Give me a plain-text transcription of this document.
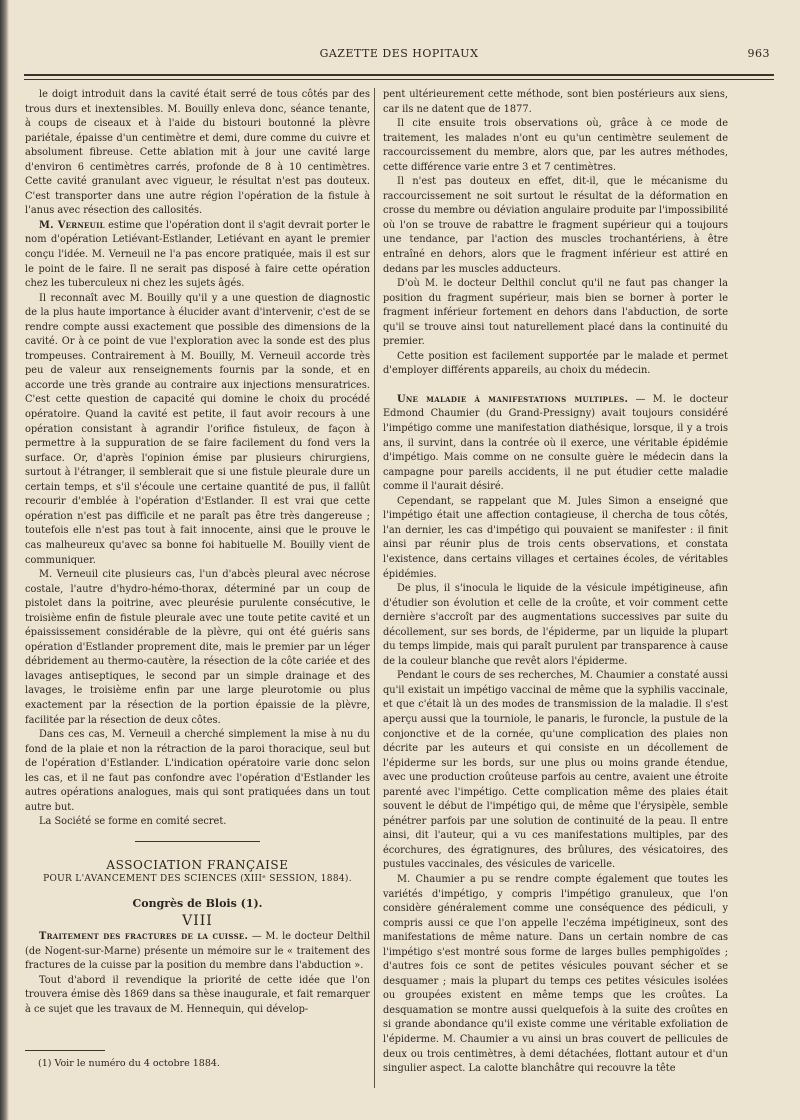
GAZETTE DES HOPITAUX	963

le doigt introduit dans la cavité était serré de tous côtés par des trous durs et inextensibles. M. Bouilly enleva donc, séance tenante, à coups de ciseaux et à l'aide du bistouri boutonné la plèvre pariétale, épaisse d'un centimètre et demi, dure comme du cuivre et absolument fibreuse. Cette ablation mit à jour une cavité large d'environ 6 centimètres carrés, profonde de 8 à 10 centimètres. Cette cavité granulant avec vigueur, le résultat n'est pas douteux. C'est transporter dans une autre région l'opération de la fistule à l'anus avec résection des callosités.

M. Verneuil estime que l'opération dont il s'agit devrait porter le nom d'opération Letiévant-Estlander, Letiévant en ayant le premier conçu l'idée. M. Verneuil ne l'a pas encore pratiquée, mais il est sur le point de le faire. Il ne serait pas disposé à faire cette opération chez les tuberculeux ni chez les sujets âgés.

Il reconnaît avec M. Bouilly qu'il y a une question de diagnostic de la plus haute importance à élucider avant d'intervenir, c'est de se rendre compte aussi exactement que possible des dimensions de la cavité. Or à ce point de vue l'exploration avec la sonde est des plus trompeuses. Contrairement à M. Bouilly, M. Verneuil accorde très peu de valeur aux renseignements fournis par la sonde, et en accorde une très grande au contraire aux injections mensuratrices. C'est cette question de capacité qui domine le choix du procédé opératoire. Quand la cavité est petite, il faut avoir recours à une opération consistant à agrandir l'orifice fistuleux, de façon à permettre à la suppuration de se faire facilement du fond vers la surface. Or, d'après l'opinion émise par plusieurs chirurgiens, surtout à l'étranger, il semblerait que si une fistule pleurale dure un certain temps, et s'il s'écoule une certaine quantité de pus, il fallût recourir d'emblée à l'opération d'Estlander. Il est vrai que cette opération n'est pas difficile et ne paraît pas être très dangereuse ; toutefois elle n'est pas tout à fait innocente, ainsi que le prouve le cas malheureux qu'avec sa bonne foi habituelle M. Bouilly vient de communiquer.

M. Verneuil cite plusieurs cas, l'un d'abcès pleural avec nécrose costale, l'autre d'hydro-hémo-thorax, déterminé par un coup de pistolet dans la poitrine, avec pleurésie purulente consécutive, le troisième enfin de fistule pleurale avec une toute petite cavité et un épaississement considérable de la plèvre, qui ont été guéris sans opération d'Estlander proprement dite, mais le premier par un léger débridement au thermo-cautère, la résection de la côte cariée et des lavages antiseptiques, le second par un simple drainage et des lavages, le troisième enfin par une large pleurotomie ou plus exactement par la résection de la portion épaissie de la plèvre, facilitée par la résection de deux côtes.

Dans ces cas, M. Verneuil a cherché simplement la mise à nu du fond de la plaie et non la rétraction de la paroi thoracique, seul but de l'opération d'Estlander. L'indication opératoire varie donc selon les cas, et il ne faut pas confondre avec l'opération d'Estlander les autres opérations analogues, mais qui sont pratiquées dans un tout autre but.

La Société se forme en comité secret.

ASSOCIATION FRANÇAISE

POUR L'AVANCEMENT DES SCIENCES (XIIIᵉ SESSION, 1884).

Congrès de Blois (1).

VIII

Traitement des fractures de la cuisse. — M. le docteur Delthil (de Nogent-sur-Marne) présente un mémoire sur le « traitement des fractures de la cuisse par la position du membre dans l'abduction ».

Tout d'abord il revendique la priorité de cette idée que l'on trouvera émise dès 1869 dans sa thèse inaugurale, et fait remarquer à ce sujet que les travaux de M. Hennequin, qui dévelop-

pent ultérieurement cette méthode, sont bien postérieurs aux siens, car ils ne datent que de 1877.

Il cite ensuite trois observations où, grâce à ce mode de traitement, les malades n'ont eu qu'un centimètre seulement de raccourcissement du membre, alors que, par les autres méthodes, cette différence varie entre 3 et 7 centimètres.

Il n'est pas douteux en effet, dit-il, que le mécanisme du raccourcissement ne soit surtout le résultat de la déformation en crosse du membre ou déviation angulaire produite par l'impossibilité où l'on se trouve de rabattre le fragment supérieur qui a toujours une tendance, par l'action des muscles trochantériens, à être entraîné en dehors, alors que le fragment inférieur est attiré en dedans par les muscles adducteurs.

D'où M. le docteur Delthil conclut qu'il ne faut pas changer la position du fragment supérieur, mais bien se borner à porter le fragment inférieur fortement en dehors dans l'abduction, de sorte qu'il se trouve ainsi tout naturellement placé dans la continuité du premier.

Cette position est facilement supportée par le malade et permet d'employer différents appareils, au choix du médecin.

Une maladie à manifestations multiples. — M. le docteur Edmond Chaumier (du Grand-Pressigny) avait toujours considéré l'impétigo comme une manifestation diathésique, lorsque, il y a trois ans, il survint, dans la contrée où il exerce, une véritable épidémie d'impétigo. Mais comme on ne consulte guère le médecin dans la campagne pour pareils accidents, il ne put étudier cette maladie comme il l'aurait désiré.

Cependant, se rappelant que M. Jules Simon a enseigné que l'impétigo était une affection contagieuse, il chercha de tous côtés, l'an dernier, les cas d'impétigo qui pouvaient se manifester : il finit ainsi par réunir plus de trois cents observations, et constata l'existence, dans certains villages et certaines écoles, de véritables épidémies.

De plus, il s'inocula le liquide de la vésicule impétigineuse, afin d'étudier son évolution et celle de la croûte, et voir comment cette dernière s'accroît par des augmentations successives par suite du décollement, sur ses bords, de l'épiderme, par un liquide la plupart du temps limpide, mais qui paraît purulent par transparence à cause de la couleur blanche que revêt alors l'épiderme.

Pendant le cours de ses recherches, M. Chaumier a constaté aussi qu'il existait un impétigo vaccinal de même que la syphilis vaccinale, et que c'était là un des modes de transmission de la maladie. Il s'est aperçu aussi que la tourniole, le panaris, le furoncle, la pustule de la conjonctive et de la cornée, qu'une complication des plaies non décrite par les auteurs et qui consiste en un décollement de l'épiderme sur les bords, sur une plus ou moins grande étendue, avec une production croûteuse parfois au centre, avaient une étroite parenté avec l'impétigo. Cette complication même des plaies était souvent le début de l'impétigo qui, de même que l'érysipèle, semble pénétrer parfois par une solution de continuité de la peau. Il entre ainsi, dit l'auteur, qui a vu ces manifestations multiples, par des écorchures, des égratignures, des brûlures, des vésicatoires, des pustules vaccinales, des vésicules de varicelle.

M. Chaumier a pu se rendre compte également que toutes les variétés d'impétigo, y compris l'impétigo granuleux, que l'on considère généralement comme une conséquence des pédiculi, y compris aussi ce que l'on appelle l'eczéma impétigineux, sont des manifestations de même nature. Dans un certain nombre de cas l'impétigo s'est montré sous forme de larges bulles pemphigoïdes ; d'autres fois ce sont de petites vésicules pouvant sécher et se desquamer ; mais la plupart du temps ces petites vésicules isolées ou groupées existent en même temps que les croûtes. La desquamation se montre aussi quelquefois à la suite des croûtes en si grande abondance qu'il existe comme une véritable exfoliation de l'épiderme. M. Chaumier a vu ainsi un bras couvert de pellicules de deux ou trois centimètres, à demi détachées, flottant autour et d'un singulier aspect. La calotte blanchâtre qui recouvre la tête

(1) Voir le numéro du 4 octobre 1884.
